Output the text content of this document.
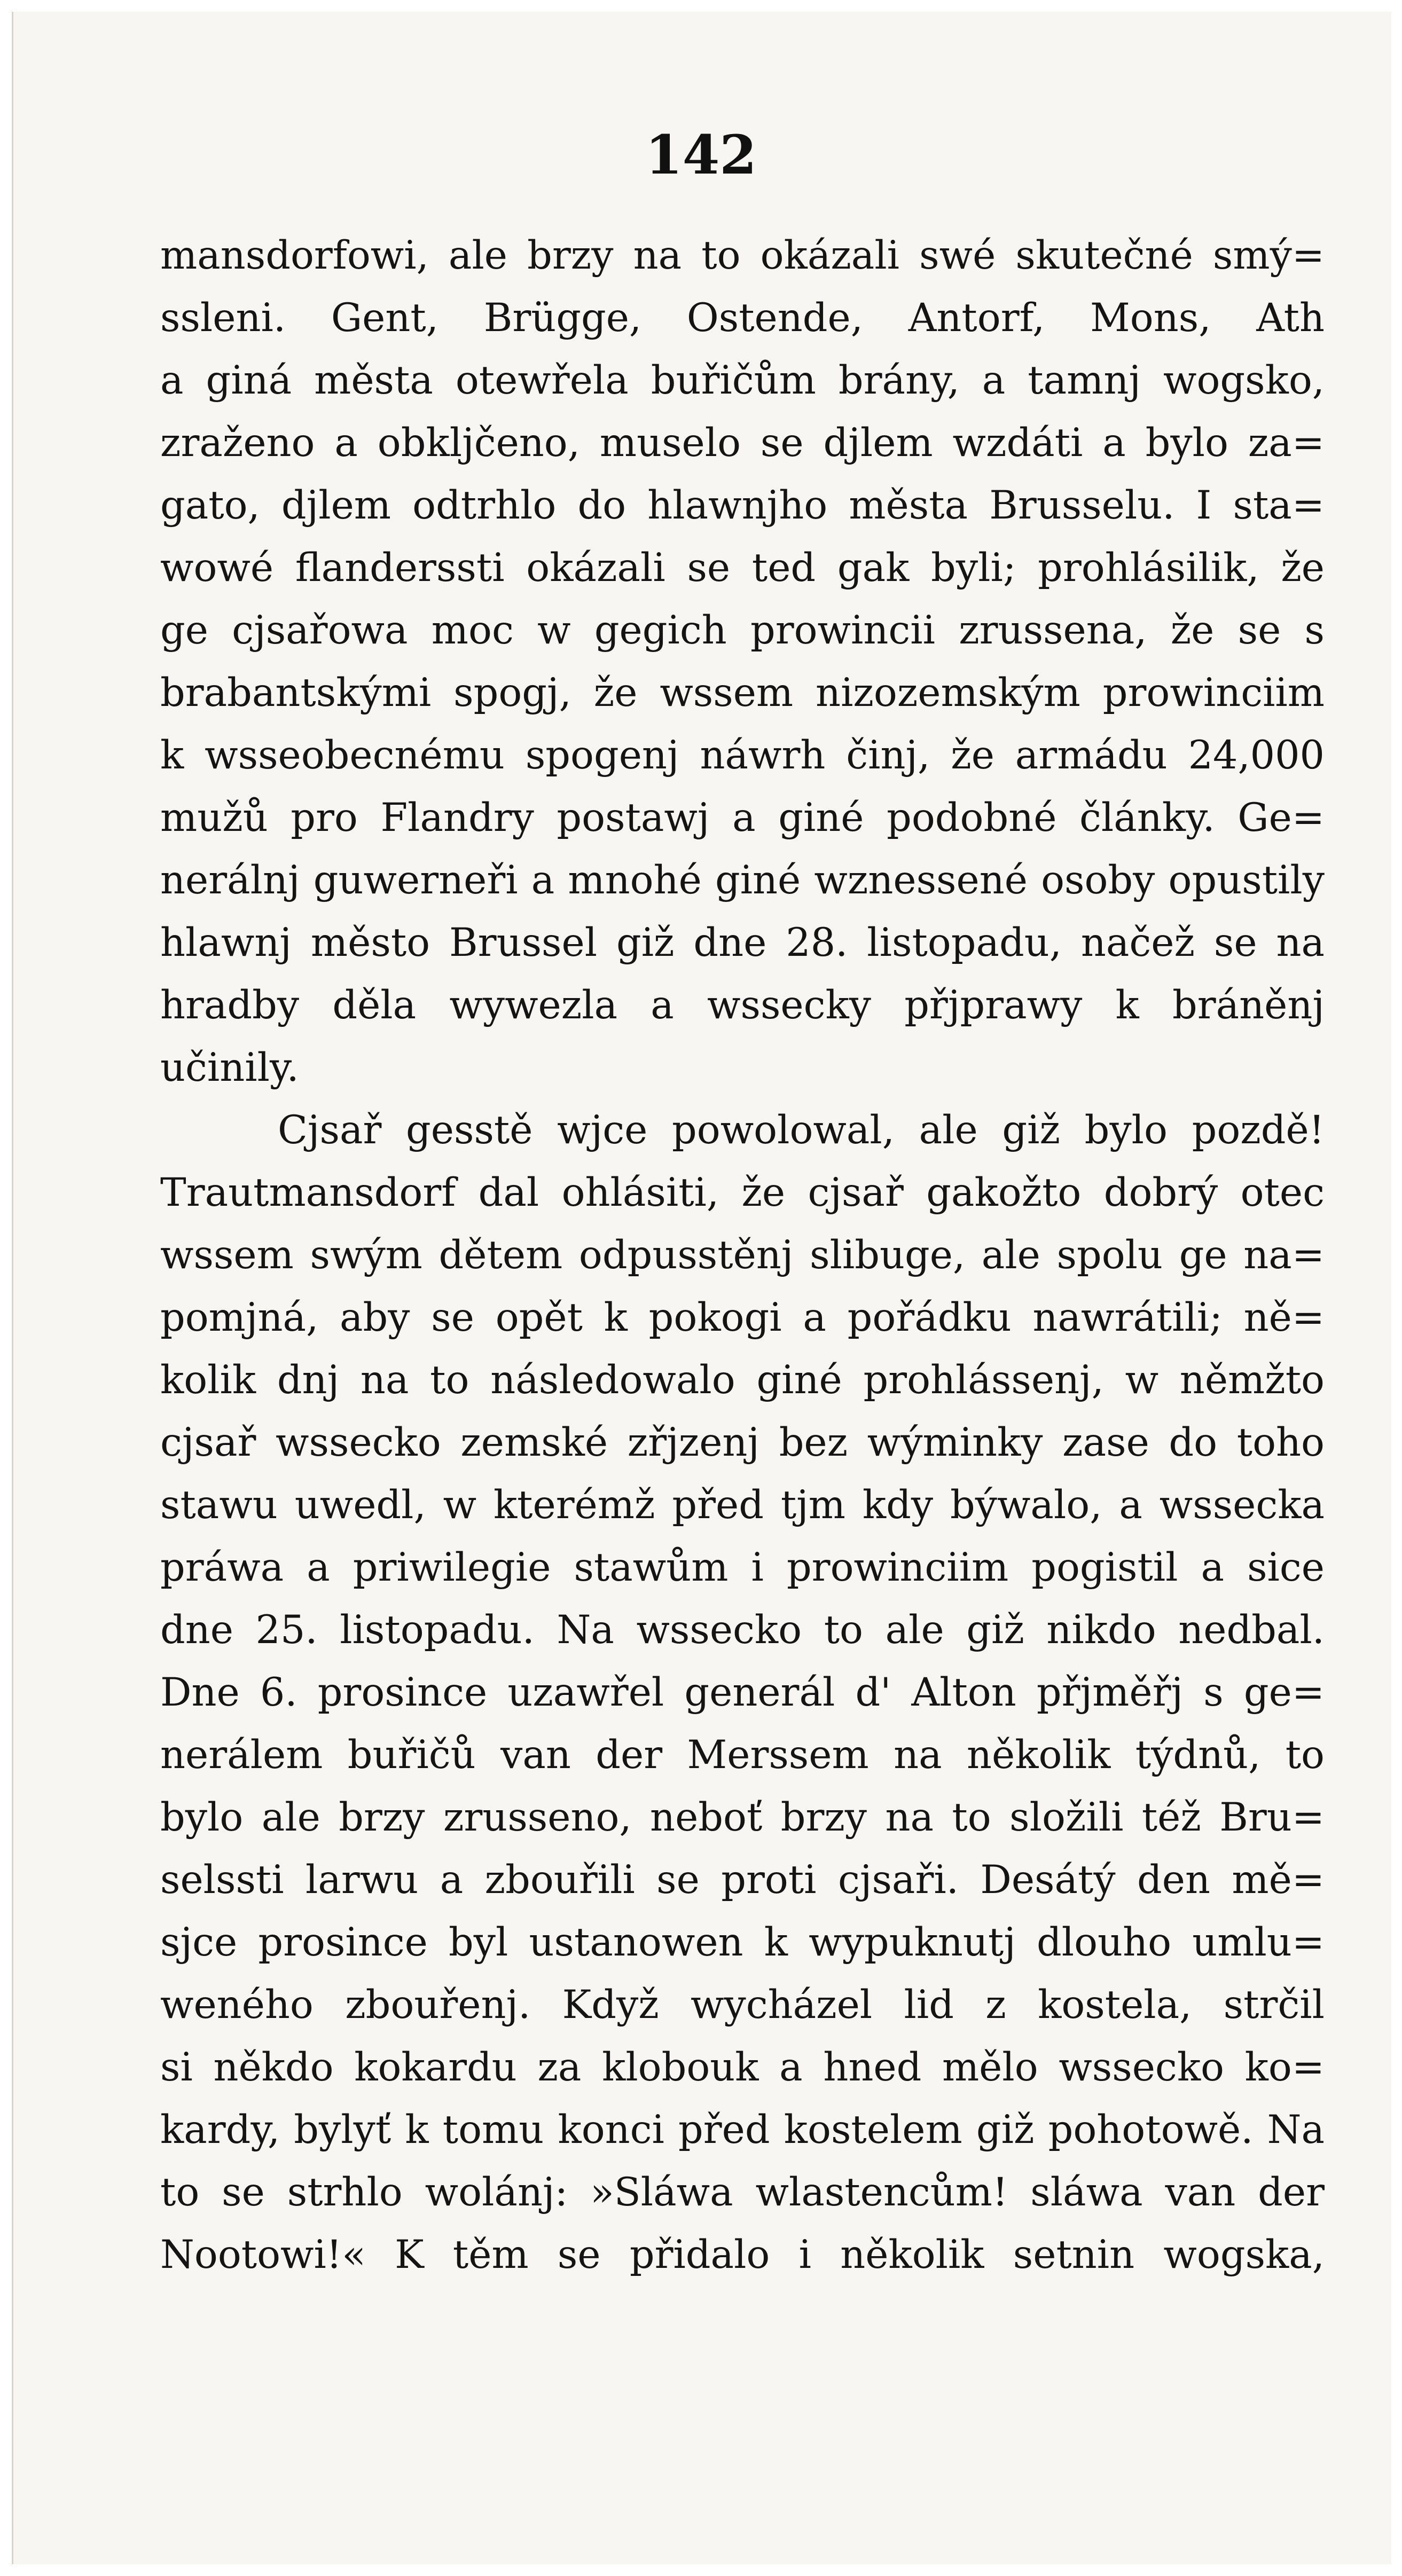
142
mansdorfowi, ale brzy na to okázali swé skutečné smý=
ssleni. Gent, Brügge, Ostende, Antorf, Mons, Ath
a giná města otewřela buřičům brány, a tamnj wogsko,
zraženo a obkljčeno, muselo se djlem wzdáti a bylo za=
gato, djlem odtrhlo do hlawnjho města Brusselu. I sta=
wowé flanderssti okázali se ted gak byli; prohlásilik, že
ge cjsařowa moc w gegich prowincii zrussena, že se s
brabantskými spogj, že wssem nizozemským prowinciim
k wsseobecnému spogenj náwrh činj, že armádu 24,000
mužů pro Flandry postawj a giné podobné články. Ge=
nerálnj guwerneři a mnohé giné wznessené osoby opustily
hlawnj město Brussel giž dne 28. listopadu, načež se na
hradby děla wywezla a wssecky přjprawy k bráněnj
učinily.
Cjsař gesstě wjce powolowal, ale giž bylo pozdě!
Trautmansdorf dal ohlásiti, že cjsař gakožto dobrý otec
wssem swým dětem odpusstěnj slibuge, ale spolu ge na=
pomjná, aby se opět k pokogi a pořádku nawrátili; ně=
kolik dnj na to následowalo giné prohlássenj, w němžto
cjsař wssecko zemské zřjzenj bez wýminky zase do toho
stawu uwedl, w kterémž před tjm kdy býwalo, a wssecka
práwa a priwilegie stawům i prowinciim pogistil a sice
dne 25. listopadu. Na wssecko to ale giž nikdo nedbal.
Dne 6. prosince uzawřel generál d' Alton přjměřj s ge=
nerálem buřičů van der Merssem na několik týdnů, to
bylo ale brzy zrusseno, neboť brzy na to složili též Bru=
selssti larwu a zbouřili se proti cjsaři. Desátý den mě=
sjce prosince byl ustanowen k wypuknutj dlouho umlu=
weného zbouřenj. Když wycházel lid z kostela, strčil
si někdo kokardu za klobouk a hned mělo wssecko ko=
kardy, bylyť k tomu konci před kostelem giž pohotowě. Na
to se strhlo wolánj: »Sláwa wlastencům! sláwa van der
Nootowi!« K těm se přidalo i několik setnin wogska,
